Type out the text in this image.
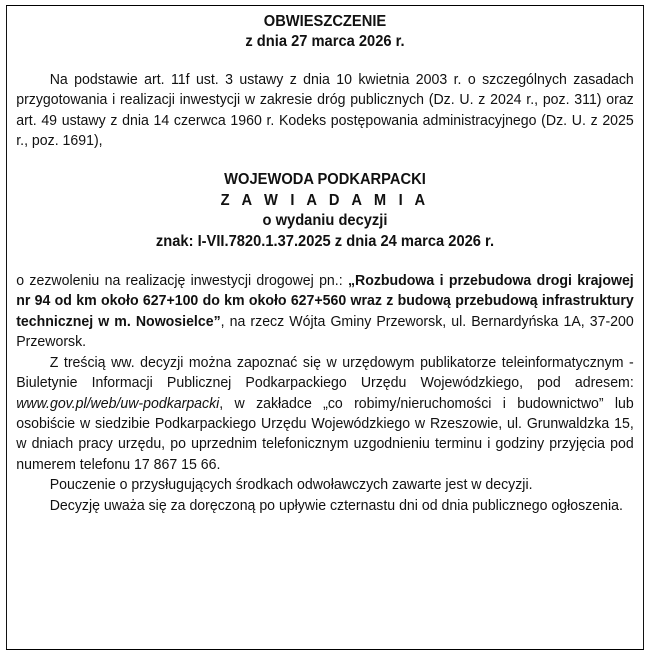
OBWIESZCZENIE
z dnia 27 marca 2026 r.

Na podstawie art. 11f ust. 3 ustawy z dnia 10 kwietnia 2003 r. o szczególnych zasadach przygotowania i realizacji inwestycji w zakresie dróg publicznych (Dz. U. z 2024 r., poz. 311) oraz art. 49 ustawy z dnia 14 czerwca 1960 r. Kodeks postępowania administracyjnego (Dz. U. z 2025 r., poz. 1691),

WOJEWODA PODKARPACKI
Z A W I A D A M I A
o wydaniu decyzji
znak: I-VII.7820.1.37.2025 z dnia 24 marca 2026 r.

o zezwoleniu na realizację inwestycji drogowej pn.: „Rozbudowa i przebudowa drogi krajowej nr 94 od km około 627+100 do km około 627+560 wraz z budową przebudową infrastruktury technicznej w m. Nowosielce”, na rzecz Wójta Gminy Przeworsk, ul. Bernardyńska 1A, 37-200 Przeworsk.

Z treścią ww. decyzji można zapoznać się w urzędowym publikatorze teleinformatycznym - Biuletynie Informacji Publicznej Podkarpackiego Urzędu Wojewódzkiego, pod adresem: www.gov.pl/web/uw-podkarpacki, w zakładce „co robimy/nieruchomości i budownictwo” lub osobiście w siedzibie Podkarpackiego Urzędu Wojewódzkiego w Rzeszowie, ul. Grunwaldzka 15, w dniach pracy urzędu, po uprzednim telefonicznym uzgodnieniu terminu i godziny przyjęcia pod numerem telefonu 17 867 15 66.

Pouczenie o przysługujących środkach odwoławczych zawarte jest w decyzji.

Decyzję uważa się za doręczoną po upływie czternastu dni od dnia publicznego ogłoszenia.
